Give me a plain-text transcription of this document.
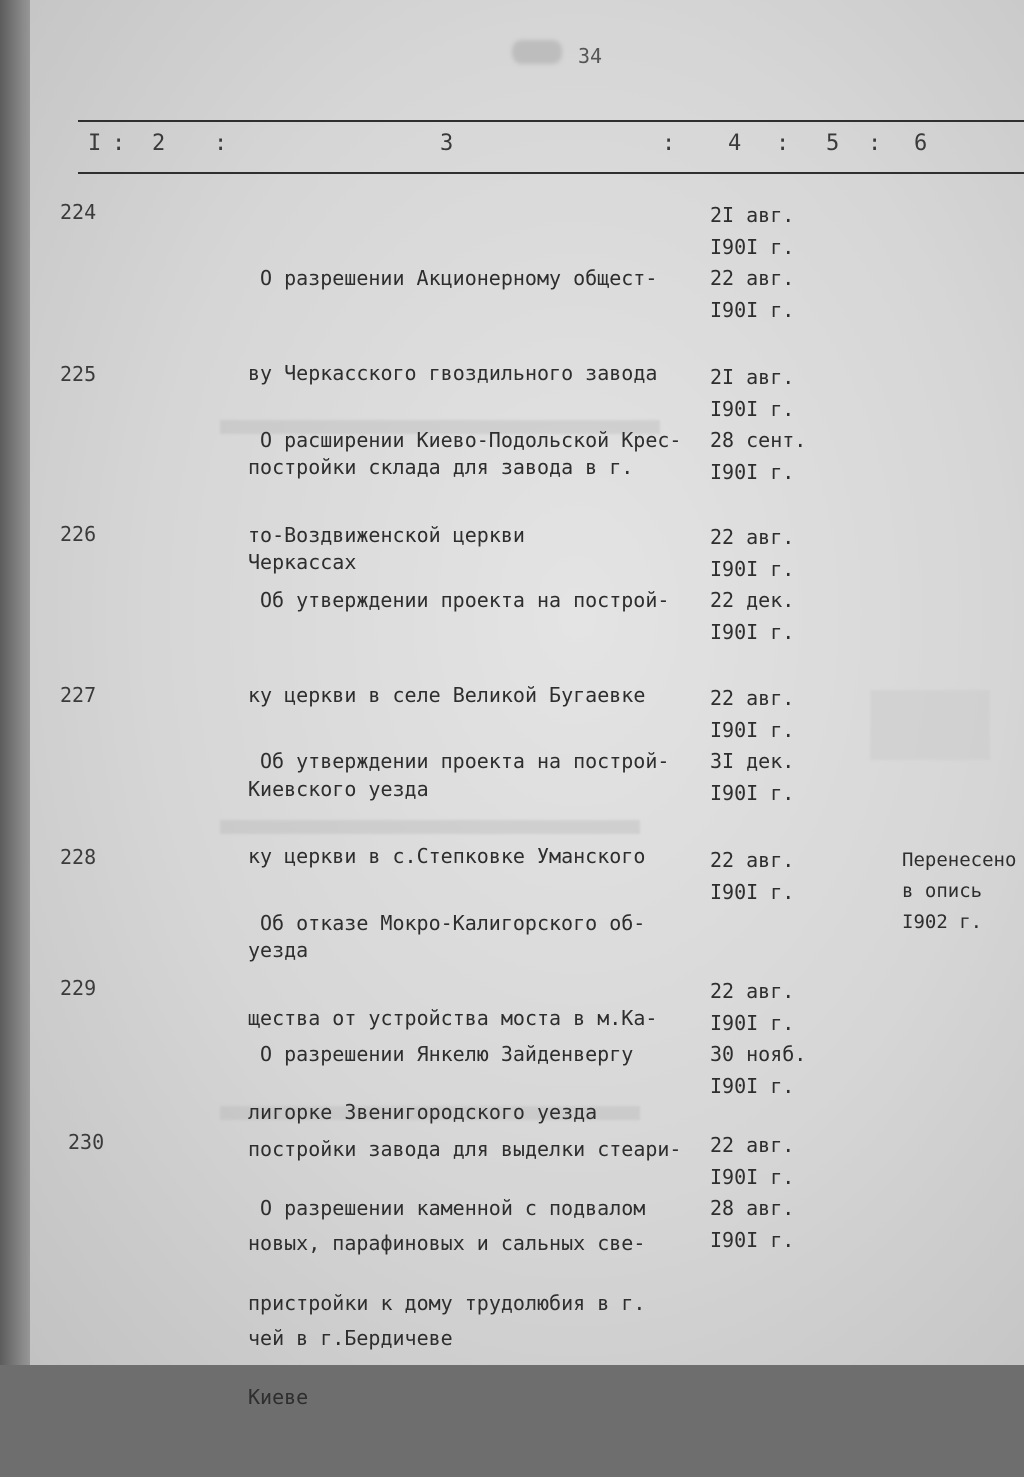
34
I : 2 :	3	: 4 : 5 : 6
224

О разрешении Акционерному общест-

ву Черкасского гвоздильного завода

постройки склада для завода в г.

Черкассах

2I авг.
I90I г.
22 авг.
I90I г.
225

О расширении Киево-Подольской Крес-

то-Воздвиженской церкви

2I авг.
I90I г.
28 сент.
I90I г.
226

Об утверждении проекта на построй-

ку церкви в селе Великой Бугаевке

Киевского уезда

22 авг.
I90I г.
22 дек.
I90I г.
227

Об утверждении проекта на построй-

ку церкви в с.Степковке Уманского

уезда

22 авг.
I90I г.
3I дек.
I90I г.
228

Об отказе Мокро-Калигорского об-

щества от устройства моста в м.Ка-

лигорке Звенигородского уезда

22 авг.
I90I г.
Перенесено
в опись
I902 г.
229

О разрешении Янкелю Зайденвергу

постройки завода для выделки стеари-

новых, парафиновых и сальных све-

чей в г.Бердичеве

22 авг.
I90I г.
30 нояб.
I90I г.
230

О разрешении каменной с подвалом

пристройки к дому трудолюбия в г.

Киеве

22 авг.
I90I г.
28 авг.
I90I г.
